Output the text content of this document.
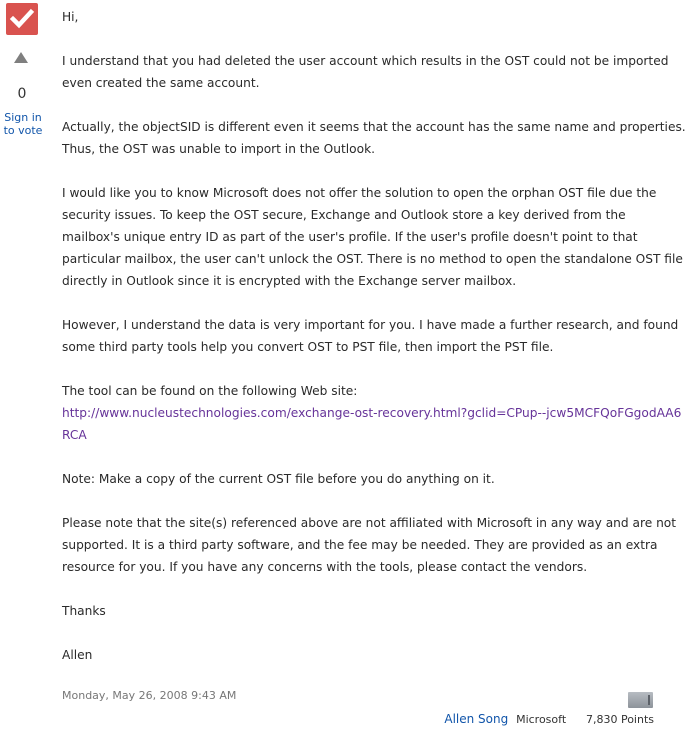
0
Sign in to vote

Hi,

I understand that you had deleted the user account which results in the OST could not be imported even created the same account.

Actually, the objectSID is different even it seems that the account has the same name and properties. Thus, the OST was unable to import in the Outlook.

I would like you to know Microsoft does not offer the solution to open the orphan OST file due the security issues. To keep the OST secure, Exchange and Outlook store a key derived from the mailbox's unique entry ID as part of the user's profile. If the user's profile doesn't point to that particular mailbox, the user can't unlock the OST. There is no method to open the standalone OST file directly in Outlook since it is encrypted with the Exchange server mailbox.

However, I understand the data is very important for you. I have made a further research, and found some third party tools help you convert OST to PST file, then import the PST file.

The tool can be found on the following Web site:
http://www.nucleustechnologies.com/exchange-ost-recovery.html?gclid=CPup--jcw5MCFQoFGgodAA6RCA

Note: Make a copy of the current OST file before you do anything on it.

Please note that the site(s) referenced above are not affiliated with Microsoft in any way and are not supported. It is a third party software, and the fee may be needed. They are provided as an extra resource for you. If you have any concerns with the tools, please contact the vendors.

Thanks

Allen

Monday, May 26, 2008 9:43 AM
Allen Song Microsoft 7,830 Points
